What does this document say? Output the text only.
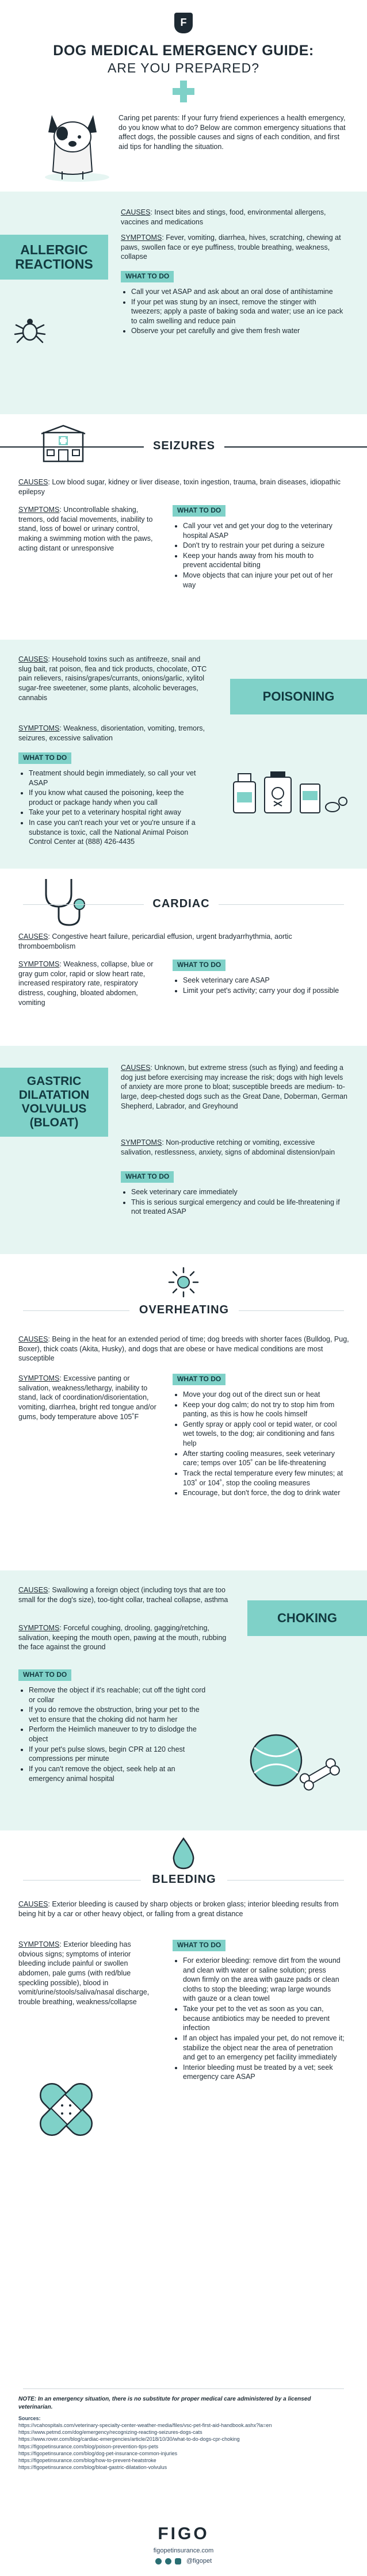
F
DOG MEDICAL EMERGENCY GUIDE:
ARE YOU PREPARED?
Caring pet parents: If your furry friend experiences a health emergency, do you know what to do? Below are common emergency situations that affect dogs, the possible causes and signs of each condition, and first aid tips for handling the situation.
ALLERGIC
REACTIONS
CAUSES: Insect bites and stings, food, environmental allergens, vaccines and medications
SYMPTOMS: Fever, vomiting, diarrhea, hives, scratching, chewing at paws, swollen face or eye puffiness, trouble breathing, weakness, collapse
WHAT TO DO
• Call your vet ASAP and ask about an oral dose of antihistamine
• If your pet was stung by an insect, remove the stinger with tweezers; apply a paste of baking soda and water; use an ice pack to calm swelling and reduce pain
• Observe your pet carefully and give them fresh water
SEIZURES
CAUSES: Low blood sugar, kidney or liver disease, toxin ingestion, trauma, brain diseases, idiopathic epilepsy
SYMPTOMS: Uncontrollable shaking, tremors, odd facial movements, inability to stand, loss of bowel or urinary control, making a swimming motion with the paws, acting distant or unresponsive
WHAT TO DO
• Call your vet and get your dog to the veterinary hospital ASAP
• Don't try to restrain your pet during a seizure
• Keep your hands away from his mouth to prevent accidental biting
• Move objects that can injure your pet out of her way
POISONING
CAUSES: Household toxins such as antifreeze, snail and slug bait, rat poison, flea and tick products, chocolate, OTC pain relievers, raisins/grapes/currants, onions/garlic, xylitol sugar-free sweetener, some plants, alcoholic beverages, cannabis
SYMPTOMS: Weakness, disorientation, vomiting, tremors, seizures, excessive salivation
WHAT TO DO
• Treatment should begin immediately, so call your vet ASAP
• If you know what caused the poisoning, keep the product or package handy when you call
• Take your pet to a veterinary hospital right away
• In case you can't reach your vet or you're unsure if a substance is toxic, call the National Animal Poison Control Center at (888) 426-4435
CARDIAC
CAUSES: Congestive heart failure, pericardial effusion, urgent bradyarrhythmia, aortic thromboembolism
SYMPTOMS: Weakness, collapse, blue or gray gum color, rapid or slow heart rate, increased respiratory rate, respiratory distress, coughing, bloated abdomen, vomiting
WHAT TO DO
• Seek veterinary care ASAP
• Limit your pet's activity; carry your dog if possible
GASTRIC
DILATATION
VOLVULUS
(BLOAT)
CAUSES: Unknown, but extreme stress (such as flying) and feeding a dog just before exercising may increase the risk; dogs with high levels of anxiety are more prone to bloat; susceptible breeds are medium- to-large, deep-chested dogs such as the Great Dane, Doberman, German Shepherd, Labrador, and Greyhound
SYMPTOMS: Non-productive retching or vomiting, excessive salivation, restlessness, anxiety, signs of abdominal distension/pain
WHAT TO DO
• Seek veterinary care immediately
• This is serious surgical emergency and could be life-threatening if not treated ASAP
OVERHEATING
CAUSES: Being in the heat for an extended period of time; dog breeds with shorter faces (Bulldog, Pug, Boxer), thick coats (Akita, Husky), and dogs that are obese or have medical conditions are most susceptible
SYMPTOMS: Excessive panting or salivation, weakness/lethargy, inability to stand, lack of coordination/disorientation, vomiting, diarrhea, bright red tongue and/or gums, body temperature above 105˚F
WHAT TO DO
• Move your dog out of the direct sun or heat
• Keep your dog calm; do not try to stop him from panting, as this is how he cools himself
• Gently spray or apply cool or tepid water, or cool wet towels, to the dog; air conditioning and fans help
• After starting cooling measures, seek veterinary care; temps over 105˚ can be life-threatening
• Track the rectal temperature every few minutes; at 103˚ or 104˚, stop the cooling measures
• Encourage, but don't force, the dog to drink water
CHOKING
CAUSES: Swallowing a foreign object (including toys that are too small for the dog's size), too-tight collar, tracheal collapse, asthma
SYMPTOMS: Forceful coughing, drooling, gagging/retching, salivation, keeping the mouth open, pawing at the mouth, rubbing the face against the ground
WHAT TO DO
• Remove the object if it's reachable; cut off the tight cord or collar
• If you do remove the obstruction, bring your pet to the vet to ensure that the choking did not harm her
• Perform the Heimlich maneuver to try to dislodge the object
• If your pet's pulse slows, begin CPR at 120 chest compressions per minute
• If you can't remove the object, seek help at an emergency animal hospital
BLEEDING
CAUSES: Exterior bleeding is caused by sharp objects or broken glass; interior bleeding results from being hit by a car or other heavy object, or falling from a great distance
SYMPTOMS: Exterior bleeding has obvious signs; symptoms of interior bleeding include painful or swollen abdomen, pale gums (with red/blue speckling possible), blood in vomit/urine/stools/saliva/nasal discharge, trouble breathing, weakness/collapse
WHAT TO DO
• For exterior bleeding: remove dirt from the wound and clean with water or saline solution; press down firmly on the area with gauze pads or clean cloths to stop the bleeding; wrap large wounds with gauze or a clean towel
• Take your pet to the vet as soon as you can, because antibiotics may be needed to prevent infection
• If an object has impaled your pet, do not remove it; stabilize the object near the area of penetration and get to an emergency pet facility immediately
• Interior bleeding must be treated by a vet; seek emergency care ASAP
NOTE: In an emergency situation, there is no substitute for proper medical care administered by a licensed veterinarian.
Sources:
https://vcahospitals.com/veterinary-specialty-center-weather-media/files/vsc-pet-first-aid-handbook.ashx?la=en
https://www.petmd.com/dog/emergency/recognizing-reacting-seizures-dogs-cats
https://www.rover.com/blog/cardiac-emergencies/article/2018/10/30/what-to-do-dogs-cpr-choking
https://figopetinsurance.com/blog/poison-prevention-tips-pets
https://figopetinsurance.com/blog/dog-pet-insurance-common-injuries
https://figopetinsurance.com/blog/how-to-prevent-heatstroke
https://figopetinsurance.com/blog/bloat-gastric-dilatation-volvulus
FIGO
figopetinsurance.com
@figopet
